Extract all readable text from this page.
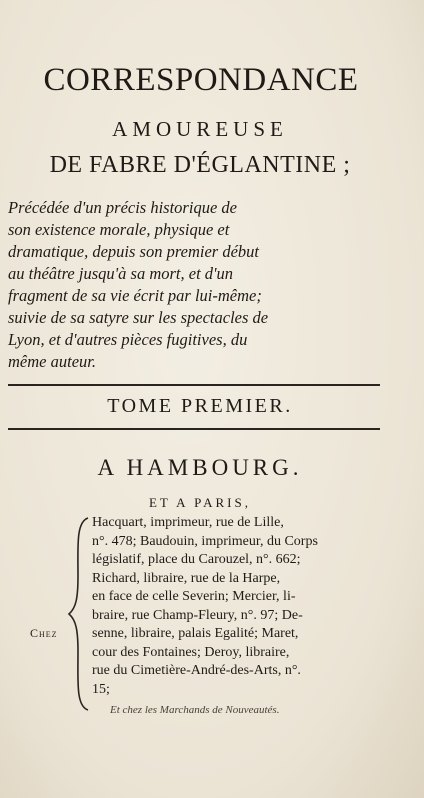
CORRESPONDANCE
AMOUREUSE
DE FABRE D'ÉGLANTINE ;
Précédée d'un précis historique de
son existence morale, physique et
dramatique, depuis son premier début
au théâtre jusqu'à sa mort, et d'un
fragment de sa vie écrit par lui-même;
suivie de sa satyre sur les spectacles de
Lyon, et d'autres pièces fugitives, du
même auteur.
TOME PREMIER.
A HAMBOURG.
ET A PARIS,
Chez
Hacquart, imprimeur, rue de Lille,
n°. 478; Baudouin, imprimeur, du Corps
législatif, place du Carouzel, n°. 662;
Richard, libraire, rue de la Harpe,
en face de celle Severin; Mercier, li-
braire, rue Champ-Fleury, n°. 97; De-
senne, libraire, palais Egalité; Maret,
cour des Fontaines; Deroy, libraire,
rue du Cimetière-André-des-Arts, n°.
15;
Et chez les Marchands de Nouveautés.
